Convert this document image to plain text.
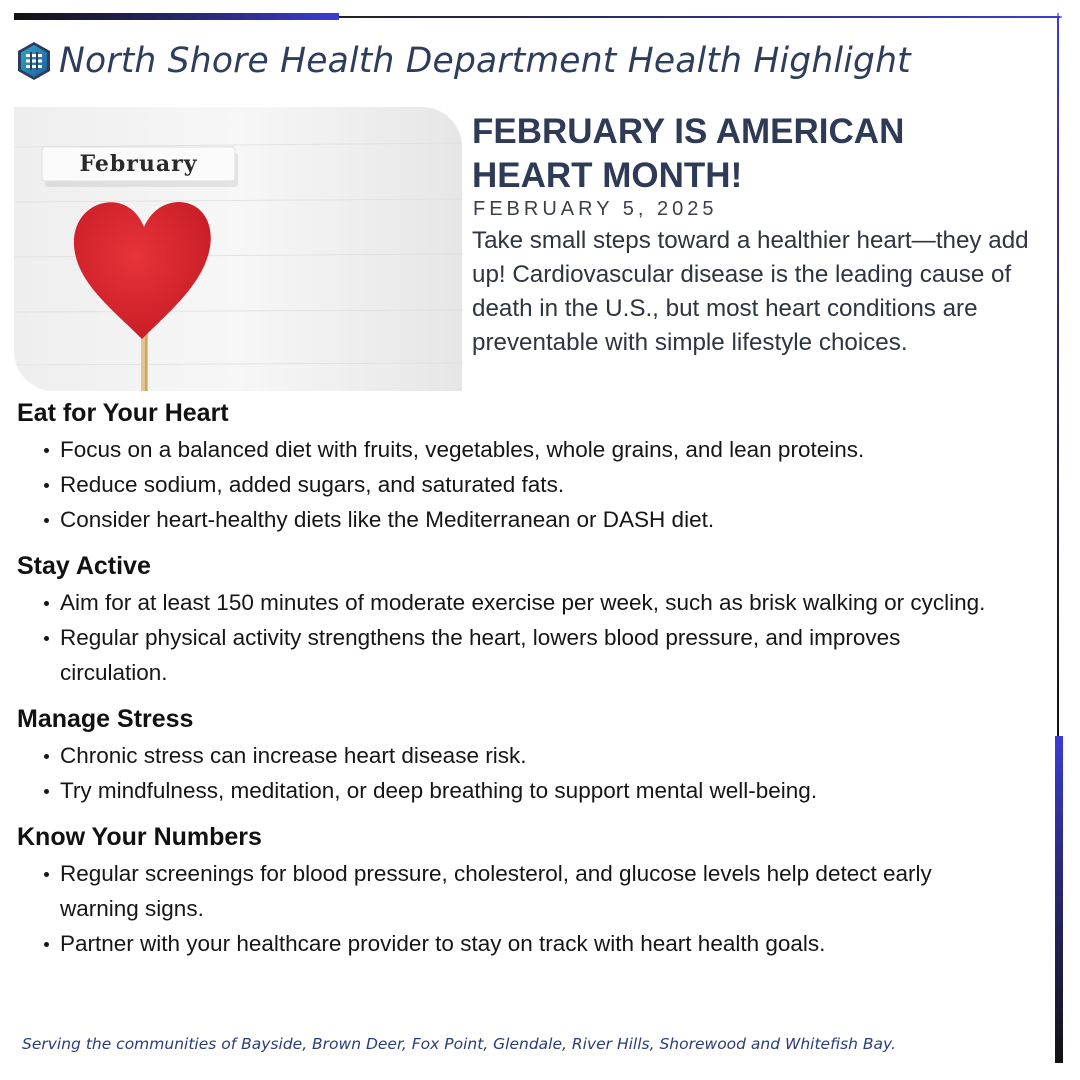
North Shore Health Department Health Highlight
February
FEBRUARY IS AMERICAN HEART MONTH!
FEBRUARY 5, 2025

Take small steps toward a healthier heart—they add up! Cardiovascular disease is the leading cause of death in the U.S., but most heart conditions are preventable with simple lifestyle choices.

Eat for Your Heart
Focus on a balanced diet with fruits, vegetables, whole grains, and lean proteins.
Reduce sodium, added sugars, and saturated fats.
Consider heart-healthy diets like the Mediterranean or DASH diet.
Stay Active
Aim for at least 150 minutes of moderate exercise per week, such as brisk walking or cycling.
Regular physical activity strengthens the heart, lowers blood pressure, and improves circulation.
Manage Stress
Chronic stress can increase heart disease risk.
Try mindfulness, meditation, or deep breathing to support mental well-being.
Know Your Numbers
Regular screenings for blood pressure, cholesterol, and glucose levels help detect early warning signs.
Partner with your healthcare provider to stay on track with heart health goals.
Serving the communities of Bayside, Brown Deer, Fox Point, Glendale, River Hills, Shorewood and Whitefish Bay.
